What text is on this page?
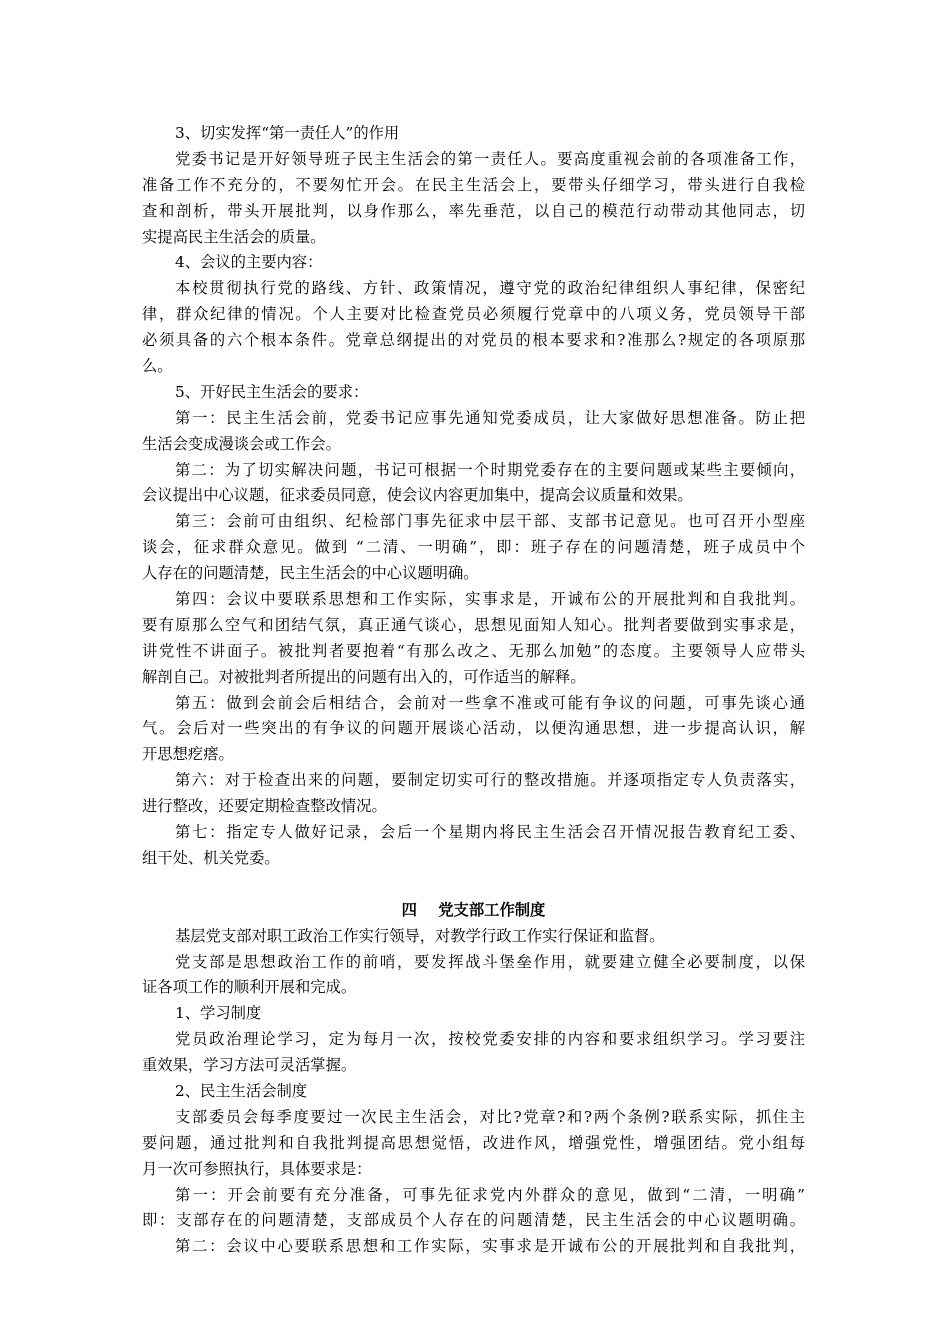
3、切实发挥“第一责任人”的作用
党委书记是开好领导班子民主生活会的第一责任人。要高度重视会前的各项准备工作，
准备工作不充分的，不要匆忙开会。在民主生活会上，要带头仔细学习，带头进行自我检
查和剖析，带头开展批判，以身作那么，率先垂范，以自己的模范行动带动其他同志，切
实提高民主生活会的质量。
4、会议的主要内容：
本校贯彻执行党的路线、方针、政策情况，遵守党的政治纪律组织人事纪律，保密纪
律，群众纪律的情况。个人主要对比检查党员必须履行党章中的八项义务，党员领导干部
必须具备的六个根本条件。党章总纲提出的对党员的根本要求和?准那么?规定的各项原那
么。
5、开好民主生活会的要求：
第一：民主生活会前，党委书记应事先通知党委成员，让大家做好思想准备。防止把
生活会变成漫谈会或工作会。
第二：为了切实解决问题，书记可根据一个时期党委存在的主要问题或某些主要倾向，
会议提出中心议题，征求委员同意，使会议内容更加集中，提高会议质量和效果。
第三：会前可由组织、纪检部门事先征求中层干部、支部书记意见。也可召开小型座
谈会，征求群众意见。做到 “二清、一明确”，即：班子存在的问题清楚，班子成员中个
人存在的问题清楚，民主生活会的中心议题明确。
第四：会议中要联系思想和工作实际，实事求是，开诚布公的开展批判和自我批判。
要有原那么空气和团结气氛，真正通气谈心，思想见面知人知心。批判者要做到实事求是，
讲党性不讲面子。被批判者要抱着“有那么改之、无那么加勉”的态度。主要领导人应带头
解剖自己。对被批判者所提出的问题有出入的，可作适当的解释。
第五：做到会前会后相结合，会前对一些拿不准或可能有争议的问题，可事先谈心通
气。会后对一些突出的有争议的问题开展谈心活动，以便沟通思想，进一步提高认识，解
开思想疙瘩。
第六：对于检查出来的问题，要制定切实可行的整改措施。并逐项指定专人负责落实，
进行整改，还要定期检查整改情况。
第七：指定专人做好记录，会后一个星期内将民主生活会召开情况报告教育纪工委、
组干处、机关党委。
四    党支部工作制度
基层党支部对职工政治工作实行领导，对教学行政工作实行保证和监督。
党支部是思想政治工作的前哨，要发挥战斗堡垒作用，就要建立健全必要制度，以保
证各项工作的顺利开展和完成。
1、学习制度
党员政治理论学习，定为每月一次，按校党委安排的内容和要求组织学习。学习要注
重效果，学习方法可灵活掌握。
2、民主生活会制度
支部委员会每季度要过一次民主生活会，对比?党章?和?两个条例?联系实际，抓住主
要问题，通过批判和自我批判提高思想觉悟，改进作风，增强党性，增强团结。党小组每
月一次可参照执行，具体要求是：
第一：开会前要有充分准备，可事先征求党内外群众的意见，做到“二清，一明确”
即：支部存在的问题清楚，支部成员个人存在的问题清楚，民主生活会的中心议题明确。
第二：会议中心要联系思想和工作实际，实事求是开诚布公的开展批判和自我批判，
